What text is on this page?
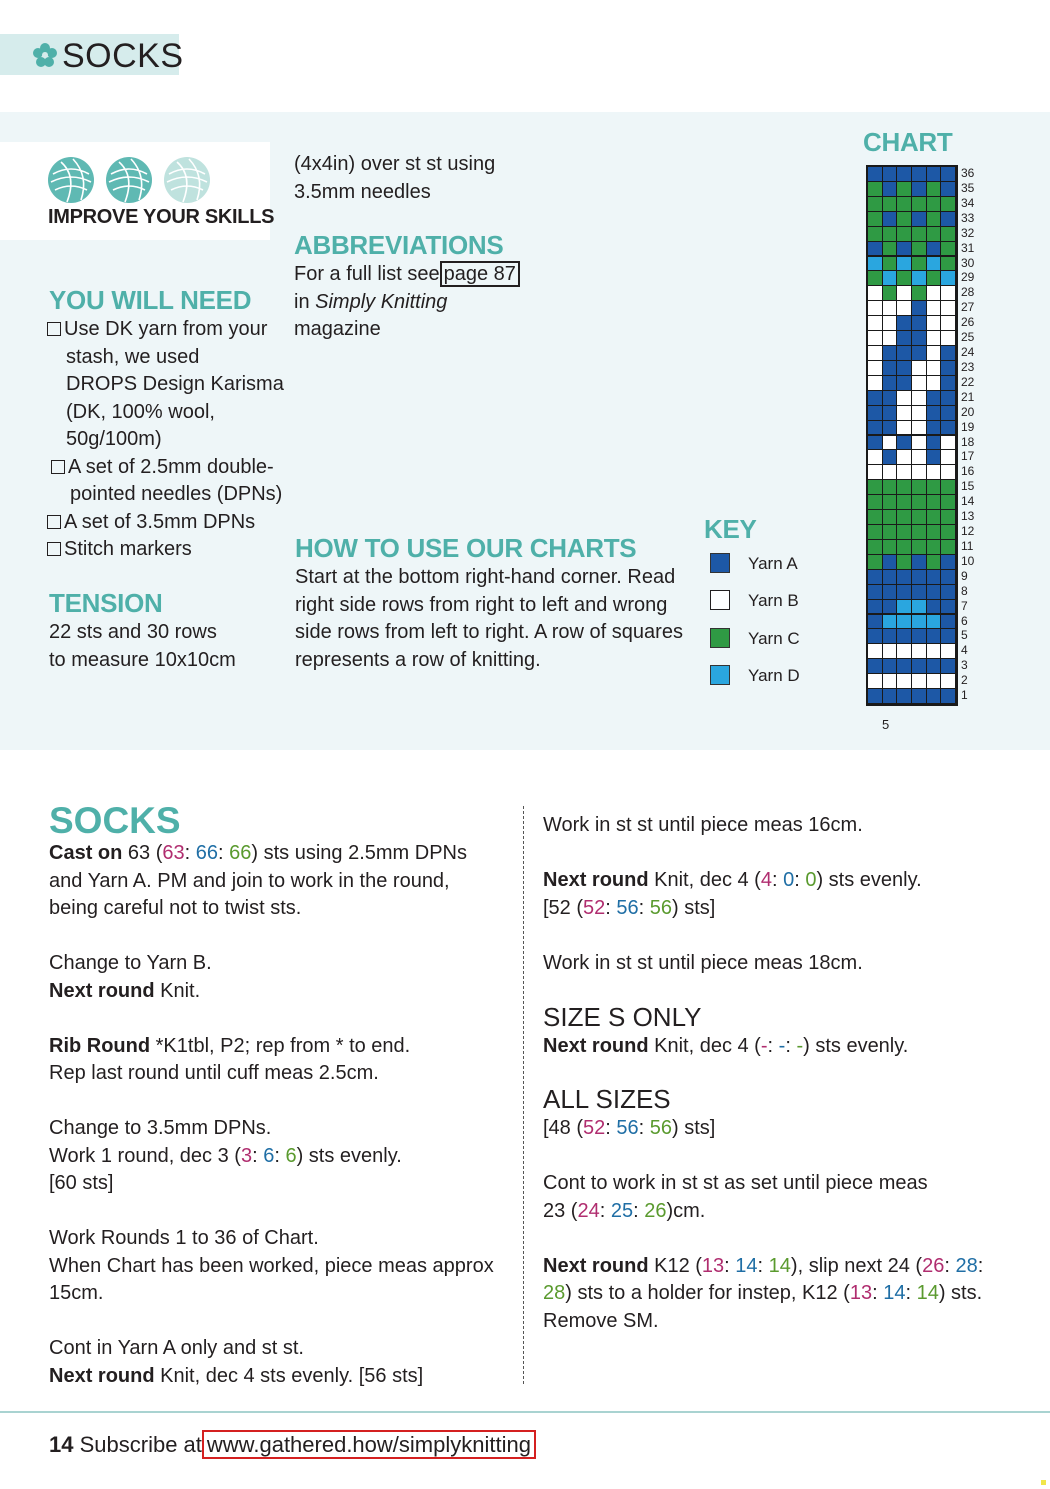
SOCKS
IMPROVE YOUR SKILLS
YOU WILL NEED
Use DK yarn from your
stash, we used
DROPS Design Karisma
(DK, 100% wool,
50g/100m)
A set of 2.5mm double-
pointed needles (DPNs)
A set of 3.5mm DPNs
Stitch markers
TENSION
22 sts and 30 rows
to measure 10x10cm
(4x4in) over st st using
3.5mm needles
ABBREVIATIONS
For a full list see page 87
in Simply Knitting
magazine
HOW TO USE OUR CHARTS
Start at the bottom right-hand corner. Read
right side rows from right to left and wrong
side rows from left to right. A row of squares
represents a row of knitting.
KEY
Yarn A
Yarn B
Yarn C
Yarn D
CHART
36
35
34
33
32
31
30
29
28
27
26
25
24
23
22
21
20
19
18
17
16
15
14
13
12
11
10
9
8
7
6
5
4
3
2
1
5
SOCKS
Cast on 63 (63: 66: 66) sts using 2.5mm DPNs
and Yarn A. PM and join to work in the round,
being careful not to twist sts.
Change to Yarn B.
Next round Knit.
Rib Round *K1tbl, P2; rep from * to end.
Rep last round until cuff meas 2.5cm.
Change to 3.5mm DPNs.
Work 1 round, dec 3 (3: 6: 6) sts evenly.
[60 sts]
Work Rounds 1 to 36 of Chart.
When Chart has been worked, piece meas approx
15cm.
Cont in Yarn A only and st st.
Next round Knit, dec 4 sts evenly. [56 sts]
Work in st st until piece meas 16cm.
Next round Knit, dec 4 (4: 0: 0) sts evenly.
[52 (52: 56: 56) sts]
Work in st st until piece meas 18cm.
SIZE S ONLY
Next round Knit, dec 4 (-: -: -) sts evenly.
ALL SIZES
[48 (52: 56: 56) sts]
Cont to work in st st as set until piece meas
23 (24: 25: 26)cm.
Next round K12 (13: 14: 14), slip next 24 (26: 28:
28) sts to a holder for instep, K12 (13: 14: 14) sts.
Remove SM.
14 Subscribe at www.gathered.how/simplyknitting
